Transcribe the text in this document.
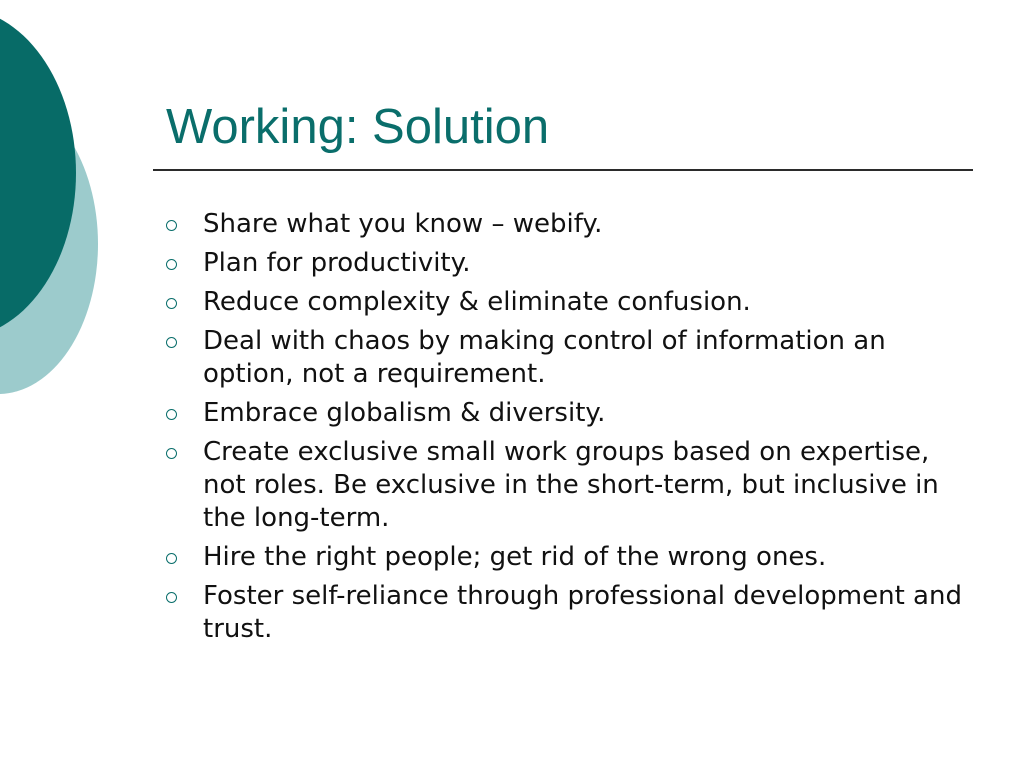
Working: Solution
Share what you know – webify.
Plan for productivity.
Reduce complexity & eliminate confusion.
Deal with chaos by making control of information an option, not a requirement.
Embrace globalism & diversity.
Create exclusive small work groups based on expertise, not roles. Be exclusive in the short-term, but inclusive in the long-term.
Hire the right people; get rid of the wrong ones.
Foster self-reliance through professional development and trust.
